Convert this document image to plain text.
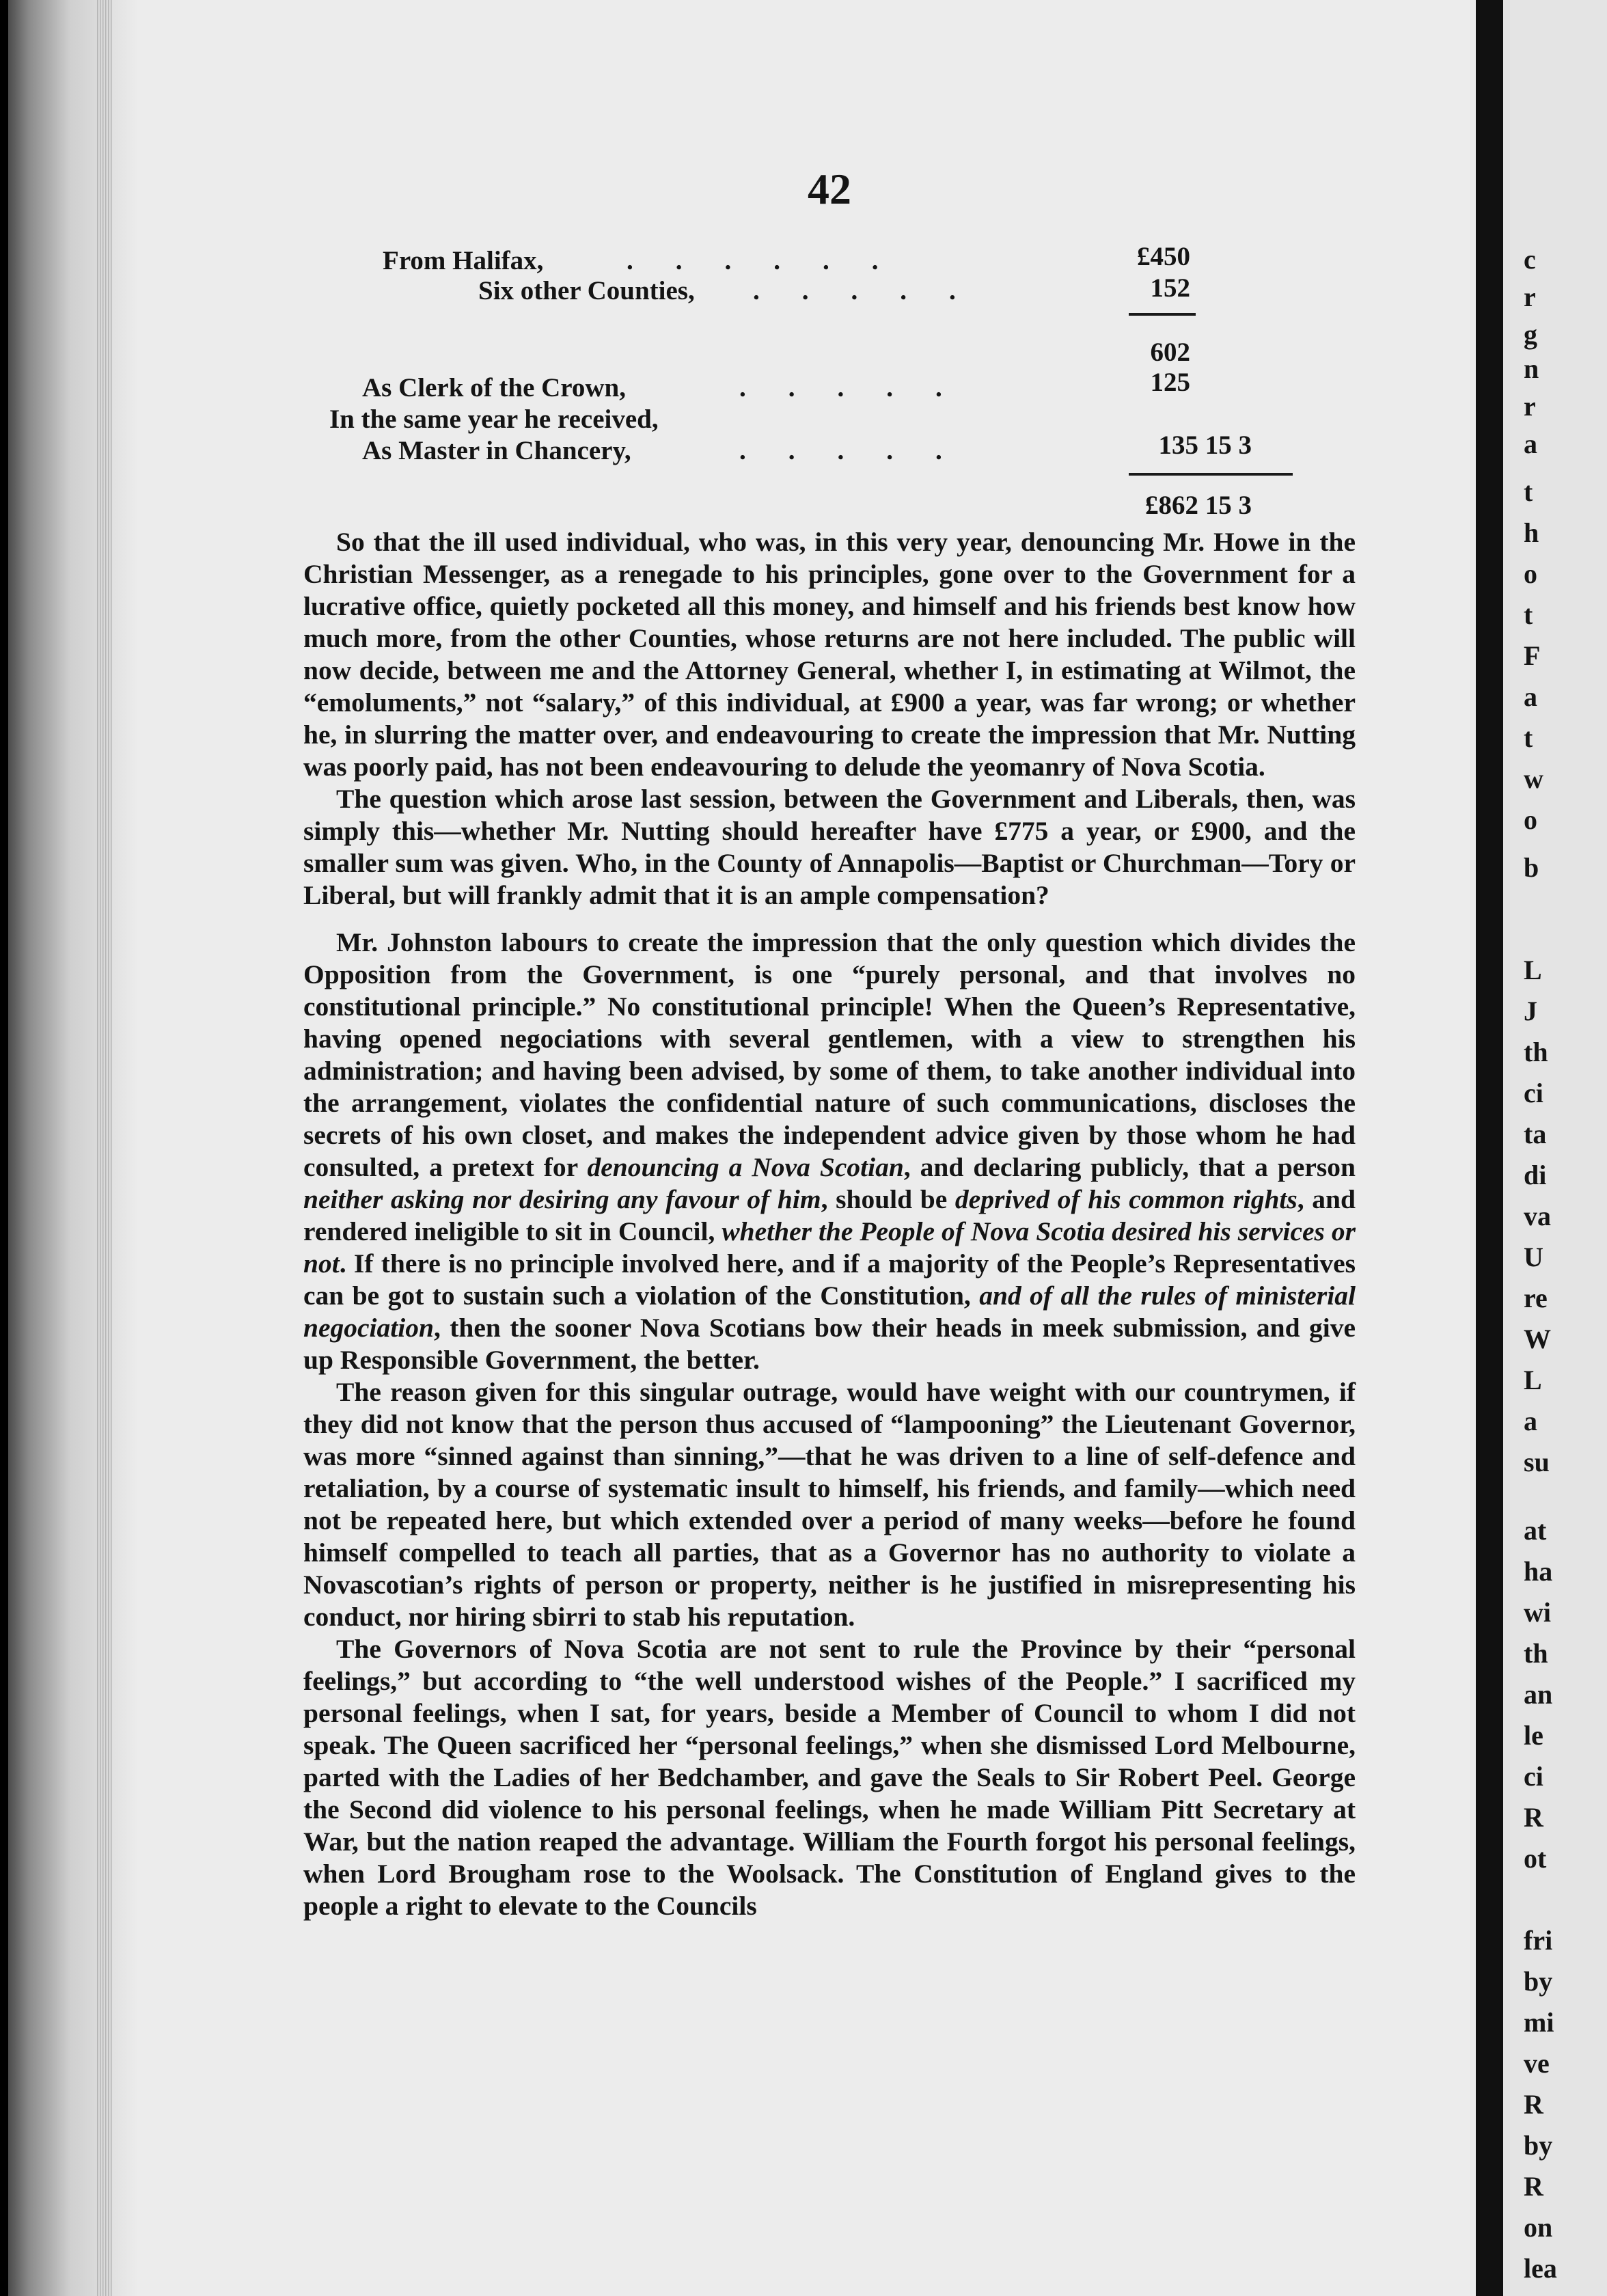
42
From Halifax,	......	£450
Six other Counties, .....	152
602
As Clerk of the Crown,	.....	125
In the same year he received,
As Master in Chancery,	.....	135 15 3
£862 15 3

So that the ill used individual, who was, in this very year, denouncing Mr. Howe in the Christian Messenger, as a renegade to his principles, gone over to the Government for a lucrative office, quietly pocketed all this money, and himself and his friends best know how much more, from the other Counties, whose returns are not here included. The public will now decide, between me and the Attorney General, whether I, in estimating at Wilmot, the “emoluments,” not “salary,” of this individual, at £900 a year, was far wrong; or whether he, in slurring the matter over, and endeavouring to create the impression that Mr. Nutting was poorly paid, has not been endeavouring to delude the yeomanry of Nova Scotia.

The question which arose last session, between the Government and Liberals, then, was simply this—whether Mr. Nutting should hereafter have £775 a year, or £900, and the smaller sum was given. Who, in the County of Annapolis—Baptist or Churchman—Tory or Liberal, but will frankly admit that it is an ample compensation?

Mr. Johnston labours to create the impression that the only question which divides the Opposition from the Government, is one “purely personal, and that involves no constitutional principle.” No constitutional principle! When the Queen’s Representative, having opened negociations with several gentlemen, with a view to strengthen his administration; and having been advised, by some of them, to take another individual into the arrangement, violates the confidential nature of such communications, discloses the secrets of his own closet, and makes the independent advice given by those whom he had consulted, a pretext for denouncing a Nova Scotian, and declaring publicly, that a person neither asking nor desiring any favour of him, should be deprived of his common rights, and rendered ineligible to sit in Council, whether the People of Nova Scotia desired his services or not. If there is no principle involved here, and if a majority of the People’s Representatives can be got to sustain such a violation of the Constitution, and of all the rules of ministerial negociation, then the sooner Nova Scotians bow their heads in meek submission, and give up Responsible Government, the better.

The reason given for this singular outrage, would have weight with our countrymen, if they did not know that the person thus accused of “lampooning” the Lieutenant Governor, was more “sinned against than sinning,”—that he was driven to a line of self-defence and retaliation, by a course of systematic insult to himself, his friends, and family—which need not be repeated here, but which extended over a period of many weeks—before he found himself compelled to teach all parties, that as a Governor has no authority to violate a Novascotian’s rights of person or property, neither is he justified in misrepresenting his conduct, nor hiring sbirri to stab his reputation.

The Governors of Nova Scotia are not sent to rule the Province by their “personal feelings,” but according to “the well understood wishes of the People.” I sacrificed my personal feelings, when I sat, for years, beside a Member of Council to whom I did not speak. The Queen sacrificed her “personal feelings,” when she dismissed Lord Melbourne, parted with the Ladies of her Bedchamber, and gave the Seals to Sir Robert Peel. George the Second did violence to his personal feelings, when he made William Pitt Secretary at War, but the nation reaped the advantage. William the Fourth forgot his personal feelings, when Lord Brougham rose to the Woolsack. The Constitution of England gives to the people a right to elevate to the Councils

c
r
g
n
r
a
t
h
o
t
F
a
t
w
o
b
L
J
th
ci
ta
di
va
U
re
W
L
a
su
at
ha
wi
th
an
le
ci
R
ot
fri
by
mi
ve
R
by
R
on
lea
